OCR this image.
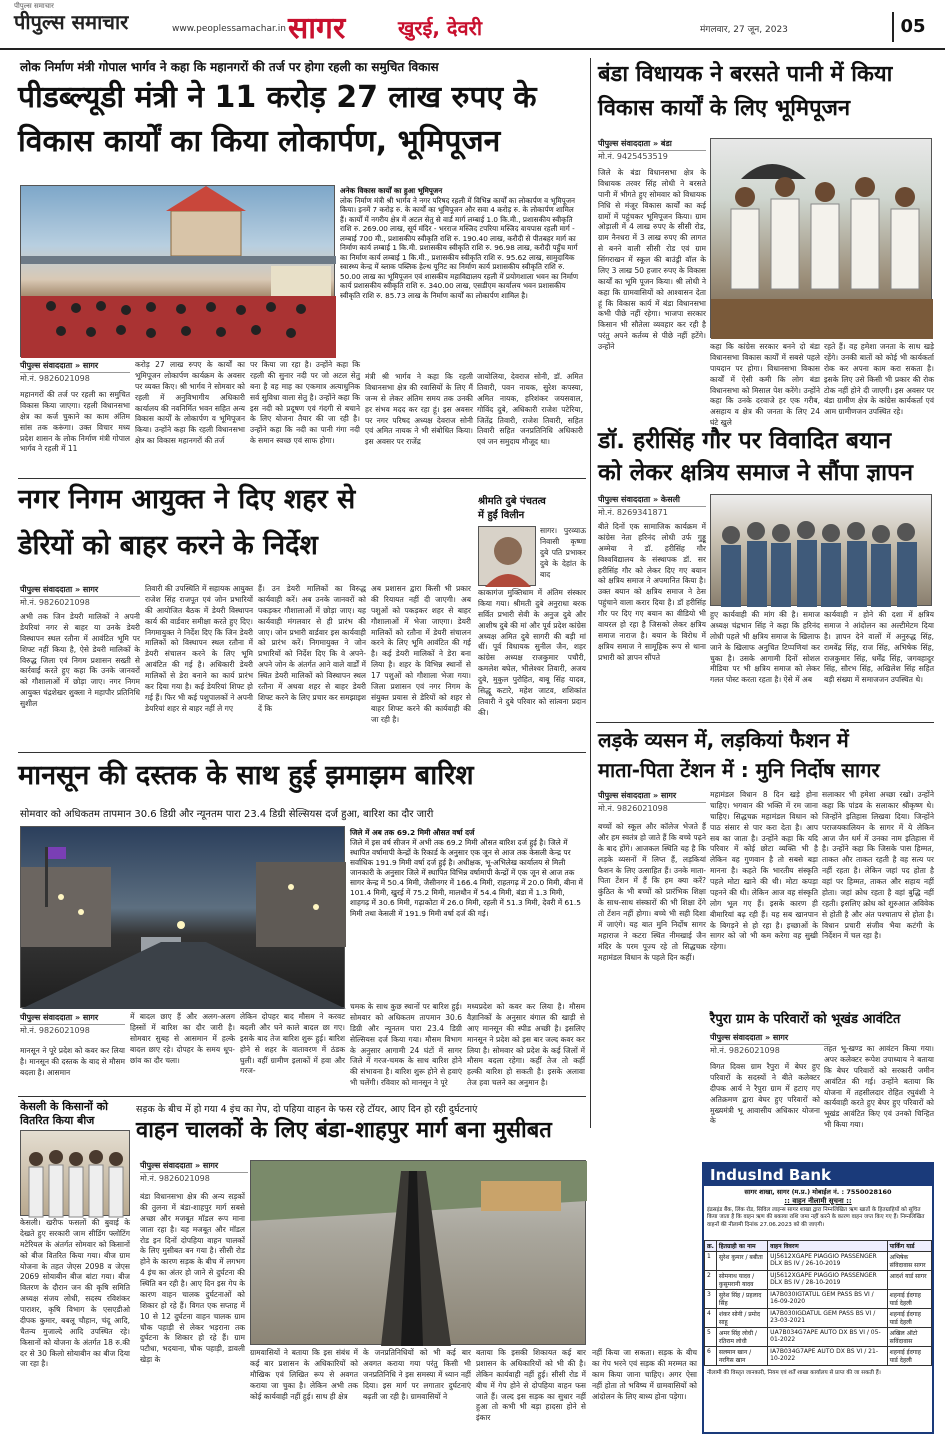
पीपुल्स समाचार
पीपुल्स समाचार	www.peoplessamachar.in सागर	खुरई, देवरी	मंगलवार, 27 जून, 2023	05
लोक निर्माण मंत्री गोपाल भार्गव ने कहा कि महानगरों की तर्ज पर होगा रहली का समुचित विकास
पीडब्ल्यूडी मंत्री ने 11 करोड़ 27 लाख रुपए के
विकास कार्यों का किया लोकार्पण, भूमिपूजन
अनेक विकास कार्यों का हुआ भूमिपूजन
लोक निर्माण मंत्री श्री भार्गव ने नगर परिषद रहली में विभिन्न कार्यों का लोकार्पण व भूमिपूजन किया। इनमें 7 करोड़ रु. के कार्यों का भूमिपूजन और सवा 4 करोड़ रु. के लोकार्पण शामिल हैं। कार्यों में नगरीय क्षेत्र में अटल सेतु से वार्ड मार्ग लम्बाई 1.0 कि.मी., प्रशासकीय स्वीकृति राशि रु. 269.00 लाख, सूर्य मंदिर - भरराज मस्जिद टपरिया मस्जिद वायपास रहली मार्ग - लम्बाई 700 मी., प्रशासकीय स्वीकृति राशि रु. 190.40 लाख, करौदी से पीतबहर मार्ग का निर्माण कार्य लम्बाई 1 कि.मी. प्रशासकीय स्वीकृति राशि रु. 96.98 लाख, करौदी पहुँच मार्ग का निर्माण कार्य लम्बाई 1 कि.मी., प्रशासकीय स्वीकृति राशि रु. 95.62 लाख, सामुदायिक स्वास्थ्य केन्द्र में ब्लाक पब्लिक हेल्थ यूनिट का निर्माण कार्य प्रशासकीय स्वीकृति राशि रु. 50.00 लाख का भूमिपूजन एवं शासकीय महाविद्यालय रहली में प्रयोगशाला भवन का निर्माण कार्य प्रशासकीय स्वीकृति राशि रु. 340.00 लाख, एसडीएम कार्यालय भवन प्रशासकीय स्वीकृति राशि रु. 85.73 लाख के निर्माण कार्यों का लोकार्पण शामिल है।
पीपुल्स संवाददाता » सागर
मो.नं. 9826021098
महानगरों की तर्ज पर रहली का समुचित विकास किया जाएगा। रहली विधानसभा क्षेत्र का कर्ज चुकाने का काम अंतिम सांस तक करूंगा। उक्त विचार मध्य प्रदेश शासन के लोक निर्माण मंत्री गोपाल भार्गव ने रहली में 11
करोड़ 27 लाख रुपए के कार्यों का भूमिपूजन लोकार्पण कार्यक्रम के अवसर पर व्यक्त किए। श्री भार्गव ने सोमवार को रहली में अनुविभागीय अधिकारी कार्यालय की नवनिर्मित भवन सहित अन्य विकास कार्यों के लोकार्पण व भूमिपूजन किया। उन्होंने कहा कि रहली विधानसभा क्षेत्र का विकास महानगरों की तर्ज
पर किया जा रहा है। उन्होंने कहा कि रहली की सुनार नदी पर जो अटल सेतु बना है वह माह का एकमात्र अत्याधुनिक सर्व सुविधा वाला सेतु है। उन्होंने कहा कि इस नदी को प्रदूषण एवं गंदगी से बचाने के लिए योजना तैयार की जा रही है। उन्होंने कहा कि नदी का पानी गंगा नदी के समान स्वच्छ एवं साफ होगा।
मंत्री श्री भार्गव ने कहा कि रहली विधानसभा क्षेत्र की रवासियों के लिए मैं जन्म से लेकर अंतिम समय तक उनकी हर संभव मदद कर रहा हूं। इस अवसर पर नगर परिषद अध्यक्ष देवराज सोनी एवं अमित नायक ने भी संबोधित किया। इस अवसर पर राजेंद्र
जायोलिया, देवराज सोनी, डॉ. अमित तिवारी, पवन नायक, सुरेश कपस्या, अमित नायक, हरिशंकर जयसवाल, गोविंद दुबे, अधिकारी राजेश पटेरिया, जितेंद्र तिवारी, राजेश तिवारी, सहित तिवारी सहित जनप्रतिनिधि अधिकारी एवं जन समुदाय मौजूद था।
बंडा विधायक ने बरसते पानी में किया
विकास कार्यों के लिए भूमिपूजन
पीपुल्स संवाददाता » बंडा
मो.नं. 9425453519
जिले के बंडा विधानसभा क्षेत्र के विधायक तरवर सिंह लोधी ने बरसते पानी में भीगते हुए सोमवार को विधायक निधि से मंजूर विकास कार्यों का कई ग्रामों में पहुंचकर भूमिपूजन किया। ग्राम ओड़ाली में 4 लाख रुपए के सीसी रोड, ग्राम नैनधरा में 3 लाख रुपए की लागत से बनने वाली सीसी रोड एवं ग्राम सिंगराखन में स्कूल की बाउंड्री वॉल के लिए 3 लाख 50 हजार रुपए के विकास कार्यों का भूमि पूजन किया। श्री लोधी ने कहा कि ग्रामवासियों को आश्वासन देता हूं कि विकास कार्य में बंडा विधानसभा कभी पीछे नहीं रहेगा। भाजपा सरकार किसान भी सौतेला व्यवहार कर रही है परंतु अपने कर्तव्य से पीछे नहीं हटेंगे। उन्होंने	कहा कि कांग्रेस सरकार बनने दो बंडा विधानसभा विकास कार्यों में सबसे पहले पायदान पर होगा। विधानसभा विकास कार्यों में ऐसी कमी कि लोग बंडा विधानसभा को मिसाल पेश करेंगे। उन्होंने कहा कि उनके दरवाजे हर एक गरीब, असहाय व क्षेत्र की जनता के लिए 24 घंटे खुले
रहते हैं। वह हमेशा जनता के साथ खड़े रहेंगे। उनकी बातों को कोई भी कार्यकर्ता रोक कर अपना काम करा सकता है। इसके लिए उसे किसी भी प्रकार की रोक टोक नहीं होने दी जाएगी। इस अवसर पर बंडा ग्रामीण क्षेत्र के कांग्रेस कार्यकर्ता एवं आम ग्रामीणजन उपस्थित रहे।
डॉ. हरीसिंह गौर पर विवादित बयान
को लेकर क्षत्रिय समाज ने सौंपा ज्ञापन
पीपुल्स संवाददाता » केसली
मो.नं. 8269341871
बीते दिनों एक सामाजिक कार्यक्रम में कांग्रेस नेता हरिनंद लोधी उर्फ गुड्डू अम्मेया ने डॉ. हरीसिंह गौर विश्वविद्यालय के संस्थापक डॉ. सर हरीसिंह गौर को लेकर दिए गए बयान को क्षत्रिय समाज ने अपमानित किया है। उक्त बयान को क्षत्रिय समाज ने ठेस पहुंचाने वाला करार दिया है। डॉ हरीसिंह गौर पर दिए गए बयान का वीडियो भी वायरल हो रहा है जिसको लेकर क्षत्रिय समाज नाराज है। बयान के विरोध में क्षत्रिय समाज ने सामूहिक रूप से थाना प्रभारी को ज्ञापन सौंपते
हुए कार्यवाही की मांग की है। समाज अध्यक्ष चंद्रभान सिंह ने कहा कि हरिनंद लोधी पहले भी क्षत्रिय समाज के खिलाफ जाने के खिलाफ अनुचित टिप्पणियां कर चुका है। उसके आगामी दिनों सोशल मीडिया पर भी क्षत्रिय समाज को लेकर गलत पोस्ट करता रहता है। ऐसे में अब
कार्यवाही न होने की दशा में क्षत्रिय समाज ने आंदोलन का अल्टीमेटम दिया है। ज्ञापन देने वालों में अनुरुद्ध सिंह, रामवेंद्र सिंह, राज सिंह, अभिषेक सिंह, राजकुमार सिंह, धर्मेंद्र सिंह, जगवहादुर सिंह, सौरभ सिंह, अखिलेश सिंह सहित बड़ी संख्या में समाजजन उपस्थित थे।
नगर निगम आयुक्त ने दिए शहर से
डेरियों को बाहर करने के निर्देश
पीपुल्स संवाददाता » सागर
मो.नं. 9826021098
अभी तक जिन डेयरी मालिकों ने अपनी डेयरियां नगर से बाहर या उनके डेयरी विस्थापन स्थल रतौना में आवंटित भूमि पर शिफ्ट नहीं किया है, ऐसे डेयरी मालिकों के विरुद्ध जिला एवं निगम प्रशासन सख्ती से कार्रवाई करते हुए कहा कि उनके जानवरों को गौशालाओं में छोड़ा जाए। नगर निगम आयुक्त चंद्रशेखर शुक्ला ने महापौर प्रतिनिधि सुशील
तिवारी की उपस्थिति में सहायक आयुक्त राजेश सिंह राजपूत एवं जोन प्रभारियों की आयोजित बैठक में डेयरी विस्थापन कार्य की वार्डवार समीक्षा करते हुए दिए। निगमायुक्त ने निर्देश दिए कि जिन डेयरी मालिकों को विस्थापन स्थल रतौना में डेयरी संचालन करने के लिए भूमि आवंटित की गई है। अधिकारी डेयरी मालिकों से डेरा बनाने का कार्य प्रारंभ कर दिया गया है। कई डेयरियां शिफ्ट हो गई हैं। फिर भी कई पशुपालकों ने अपनी डेयरियां शहर से बाहर नहीं ले गए
हैं। उन डेयरी मालिकों का विरुद्ध कार्यवाही करें। अब उनके जानवरों को पकड़कर गौशालाओं में छोड़ा जाए। यह कार्यवाही मंगलवार से ही प्रारंभ की जाए। जोन प्रभारी वार्डवार इस कार्यवाही को प्रारंभ करें। निगमायुक्त ने जोन प्रभारियों को निर्देश दिए कि वे अपने-अपने जोन के अंतर्गत आने वाले वार्डों में स्थित डेयरी मालिकों को विस्थापन स्थल रतौना में अथवा शहर से बाहर डेयरी शिफ्ट करने के लिए प्रचार कर समझाइश दें कि
अब प्रशासन द्वारा किसी भी प्रकार की रियायत नहीं दी जाएगी। अब पशुओं को पकड़कर शहर से बाहर गौशालाओं में भेजा जाएगा। डेयरी मालिकों को रतौना में डेयरी संचालन करने के लिए भूमि आवंटित की गई है। कई डेयरी मालिकों ने डेरा बना लिया है। शहर के विभिन्न स्थानों से 17 पशुओं को गौशाला भेजा गया। जिला प्रशासन एवं नगर निगम के संयुक्त प्रयास से डेरियों को शहर से बाहर शिफ्ट करने की कार्यवाही की जा रही है।
श्रीमति दुबे पंचतत्व
में हुईं विलीन
सागर। पुरव्याऊ निवासी कृष्णा दुबे पति प्रभाकर दुबे के देहांत के बाद
काकागंज मुक्तिधाम में अंतिम संस्कार किया गया। श्रीमती दुबे अनुराधा बरक सर्वित प्रभारी सेवी के अनुज दुबे और आशीष दुबे की मां और पूर्व प्रदेश कांग्रेस अध्यक्ष अमित दुबे सागरी की बड़ी मां थीं। पूर्व विधायक सुनील जैन, शहर कांग्रेस अध्यक्ष राजकुमार पचौरी, कमलेश बघेल, भीलेश्वर तिवारी, अजय दुबे, मुकुल पुरोहित, बाबू सिंह यादव, सिद्धू कटारे, महेश जाटव, शशिकांत तिवारी ने दुबे परिवार को सांत्वना प्रदान की।
मानसून की दस्तक के साथ हुई झमाझम बारिश
सोमवार को अधिकतम तापमान 30.6 डिग्री और न्यूनतम पारा 23.4 डिग्री सेल्सियस दर्ज हुआ, बारिश का दौर जारी
जिले में अब तक 69.2 मिमी औसत वर्षा दर्ज
जिले में इस वर्ष सीजन में अभी तक 69.2 मिमी औसत बारिश दर्ज हुई है। जिले में स्थापित वर्षामापी केन्द्रों के रिकार्ड के अनुसार एक जून से आज तक केसली केन्द्र पर सर्वाधिक 191.9 मिमी वर्षा दर्ज हुई है। अधीक्षक, भू-अभिलेख कार्यालय से मिली जानकारी के अनुसार जिले में स्थापित विभिन्न वर्षामापी केन्द्रों में एक जून से आज तक सागर केन्द्र में 50.4 मिमी, जैसीनगर में 166.4 मिमी, राहतगढ़ में 20.0 मिमी, बीना में 101.4 मिमी, खुरई में 75.2 मिमी, मालथौन में 54.4 मिमी, बंडा में 1.3 मिमी, शाहगढ़ में 30.6 मिमी, गढ़ाकोटा में 26.0 मिमी, रहली में 51.3 मिमी, देवरी में 61.5 मिमी तथा केसली में 191.9 मिमी वर्षा दर्ज की गई।
पीपुल्स संवाददाता » सागर
मो.नं. 9826021098
मानसून ने पूरे प्रदेश को कवर कर लिया है। मानसून की दस्तक के बाद से मौसम बदला है। आसमान
में बादल छाए हैं और अलग-अलग हिस्सों में बारिश का दौर जारी है। सोमवार सुबह से आसमान में हल्के बादल छाए रहे। दोपहर के समय धूप-छांव का दौर चला।
लेकिन दोपहर बाद मौसम ने करवट बदली और घने काले बादल छा गए। इसके बाद तेज बारिश शुरू हुई। बारिश होने से शहर के वातावरण में ठंडक घुली। वहीं ग्रामीण इलाकों में हवा और गरज-
चमक के साथ कुछ स्थानों पर बारिश हुई। सोमवार को अधिकतम तापमान 30.6 डिग्री और न्यूनतम पारा 23.4 डिग्री सेल्सियस दर्ज किया गया। मौसम विभाग के अनुसार आगामी 24 घंटों में सागर जिले में गरज-चमक के साथ बारिश होने की संभावना है। बारिश शुरू होने से हवाएं भी चलेंगी। रविवार को मानसून ने पूरे
मध्यप्रदेश को कवर कर लिया है। मौसम वैज्ञानिकों के अनुसार बंगाल की खाड़ी से आए मानसून की स्पीड अच्छी है। इसलिए मानसून ने प्रदेश को इस बार जल्द कवर कर लिया है। सोमवार को प्रदेश के कई जिलों में मौसम बदला रहेगा। कहीं तेज तो कहीं हल्की बारिश हो सकती है। इसके अलावा तेज हवा चलने का अनुमान है।
लड़के व्यसन में, लड़कियां फैशन में
माता-पिता टेंशन में : मुनि निर्दोष सागर
पीपुल्स संवाददाता » सागर
मो.नं. 9826021098
बच्चों को स्कूल और कॉलेज भेजते हैं और हम स्वतंत्र हो जाते हैं कि बच्चे पढ़ने के बाद होंगे। आजकल स्थिति यह है कि लड़के व्यसनों में लिप्त हैं, लड़कियां फैशन के लिए उत्साहित हैं। उनके माता-पिता टेंशन में हैं कि हम क्या करें? कुंठित के भी बच्चों को प्रारंभिक शिक्षा के साथ-साथ संस्कारों की भी शिक्षा देंगे तो टेंशन नहीं होगा। बच्चे भी सही दिशा में जाएंगे। यह बात मुनि निर्दोष सागर महाराज ने कटरा स्थित नीमखाई जैन मंदिर के परम पूज्य रहे तो सिद्धचक्र महामंडल विधान के पहले दिन कहीं।
महामंडल विधान 8 दिन खड़े होना चाहिए। भगवान की भक्ति में रम जाना चाहिए। सिद्धचक्र महामंडल विधान को पाठ संसार से पार करा देता है। आप सब का जाता है। उन्होंने कहा कि यदि परिवार में कोई छोटा व्यक्ति भी है लेकिन वह गुणवान है तो सबसे बड़ा मानना है। कहते कि भारतीय संस्कृति पहले मोटा खाने की थी। मोटा कपड़ा पहनने की थी। लेकिन आज वह संस्कृति लोग भूल गए हैं। इसके कारण ही बीमारियां बढ़ रही हैं। यह सब खानपान के बिगड़ने से हो रहा है। इच्छाओं के सागर को जो भी कम करेगा वह सुखी रहेगा।
सलाकार भी हमेशा अच्छा रखो। उन्होंने कहा कि पांडव के सलाकार श्रीकृष्ण थे। जिन्होंने इतिहास लिखवा दिया। जिन्होंने पराजयकालियन के सागर में ये लेकिन आज जैन धर्म में उनका नाम इतिहास में है। उन्होंने कहा कि जिसके पास हिम्मत, ताकत और ताकत रहती है वह सत्य पर नहीं रहता है। लेकिन जहां पद होता है वहां पर हिम्मत, ताकत और सहाय नहीं होता। जहां क्रोध रहता है वहां बुद्धि नहीं रहती। इसलिए क्रोध को शुरुआत अविवेक से होती है और अंत पश्चाताप से होता है। विधान प्रचारी संजीव भैया कटंगी के निर्देशन में चल रहा है।
रैपुरा ग्राम के परिवारों को भूखंड आवंटित
पीपुल्स संवाददाता » सागर
मो.नं. 9826021098
विगत दिवस ग्राम रैपुरा में बेघर हुए परिवारों के सदस्यों ने बीते कलेक्टर दीपक आर्य ने रैपुरा ग्राम में हटाए गए अतिक्रमण द्वारा बेघर हुए परिवारों को मुख्यमंत्री भू आवासीय अधिकार योजना के
तहत भू-खण्ड का आवंटन किया गया। अपर कलेक्टर रूपेश उपाध्याय ने बताया कि बेघर परिवारों को सरकारी जमीन आवंटित की गई। उन्होंने बताया कि योजना में तहसीलदार रोहित रघुवंशी ने कार्यवाही करते हुए बेघर हुए परिवारों को भूखंड आवंटित किए एवं उनको चिन्हित भी किया गया।
केसली के किसानों को
वितरित किया बीज
केसली। खरीफ फसलों की बुवाई के देखते हुए सरकारी जाम सीडिंग फ्लोटिंग मटेरियल के अंतर्गत सोमवार को किसानों को बीज वितरित किया गया। बीज ग्राम योजना के तहत जेएस 2098 व जेएस 2069 सोयाबीन बीज बांटा गया। बीज वितरण के दौरान जन की कृषि समिति अध्यक्ष संजय लोधी, सदस्य रविशंकर पाराशर, कृषि विभाग के एसएडीओ दीपक कुमार, बबलू चौहान, चंदू आदि, चैतन्य मुजाल्दे आदि उपस्थित रहे। किसानों को योजना के अंतर्गत 18 रु.की दर से 30 किलो सोयाबीन का बीज दिया जा रहा है।
सड़क के बीच में हो गया 4 इंच का गेप, दो पहिया वाहन के फस रहे टॉयर, आए दिन हो रही दुर्घटनाएं
वाहन चालकों के लिए बंडा-शाहपुर मार्ग बना मुसीबत
पीपुल्स संवाददाता » सागर
मो.नं. 9826021098
बंडा विधानसभा क्षेत्र की अन्य सड़कों की तुलना में बंडा-शाहपुर मार्ग सबसे अच्छा और मजबूत मॉडल रूप माना जाता रहा है। यह मजबूत और मॉडल रोड इन दिनों दोपहिया वाहन चालकों के लिए मुसीबत बन गया है। सीसी रोड होने के कारण सड़क के बीच में लगभग 4 इंच का अंतर हो जाने से दुर्घटना की स्थिति बन रही है। आए दिन इस गेप के कारण वाहन चालक दुर्घटनाओं को शिकार हो रहे हैं। विगत एक सप्ताह में 10 से 12 दुर्घटना वाहन चालक ग्राम चौक पहाड़ी से लेकर भड़राना तक दुर्घटना के शिकार हो रहे हैं। ग्राम पटौधा, भदयाना, चौक पहाड़ी, डावली खेड़ा के
ग्रामवासियों ने बताया कि इस संबंध में कई बार प्रशासन के अधिकारियों को मौखिक एवं लिखित रूप से अवगत कराया जा चुका है। लेकिन अभी तक कोई कार्यवाही नहीं हुई। साथ ही क्षेत्र
के जनप्रतिनिधियों को भी कई बार अवगत कराया गया परंतु किसी भी जनप्रतिनिधि ने इस समस्या में ध्यान नहीं दिया। इस मार्ग पर लगातार दुर्घटनाएं बढ़ती जा रही है। ग्रामवासियों ने
बताया कि इसकी शिकायत कई बार प्रशासन के अधिकारियों को भी की है। लेकिन कार्यवाही नहीं हुई। सीसी रोड में बीच में गेप होने से दोपहिया वाहन फस जाते हैं। जल्द इस सड़क का सुधार नहीं हुआ तो कभी भी बड़ा हादसा होने से इंकार
नहीं किया जा सकता। सड़क के बीच का गेप भरने एवं सड़क की मरम्मत का काम किया जाना चाहिए। अगर ऐसा नहीं होता तो भविष्य में ग्रामवासियों को आंदोलन के लिए बाध्य होना पड़ेगा।
IndusInd Bank
सागर शाखा, सागर (म.प्र.) मोबाईल नं. : 7550028160
:: वाहन नीलामी सूचना ::
इंडसइंड बैंक, लिंक रोड, सिविल लाइन्स सागर शाखा द्वारा निम्नलिखित ऋण खातों के हितग्राहियों को सूचित किया जाता है कि वाहन ऋण की बकाया राशि जमा नहीं करने के कारण वाहन जप्त किए गए हैं। निम्नलिखित वाहनों की नीलामी दिनांक 27.06.2023 को की जाएगी।
क्र.	हितग्राही का नाम	वाहन विवरण	पार्किंग यार्ड
1	सुरेश कुमार / बबीता	UJ5612XGAPE PIAGGIO PASSENGER DLX BS IV / 26-10-2019	अभिषेक संविदावास सागर
2	सोमनाथ यादव / कुसुमरानी यादव	UJ5612XGAPE PIAGGIO PASSENGER DLX BS IV / 28-10-2019	आदर्श यार्ड सागर
3	सुरेश सिंह / प्रहलाद सिंह	IA7B030IGTATUL GEM PASS BS VI / 16-09-2020	शहनाई ईदगाह यार्ड देहली
4	शंकर सोनी / प्रमोद साहू	IA7B030IGDATUL GEM PASS BS VI / 23-03-2021	शहनाई ईदगाह यार्ड देहली
5	अमर सिंह लोधी / रतिराम लोधी	UA7B034G7APE AUTO DX BS VI / 05-01-2022	अखिल ऑटो सविंदावास
6	सलमान खान / नरगिस खान	IA7B034G7APE AUTO DX BS VI / 21-10-2022	शहनाई ईदगाह यार्ड देहली
नीलामी की विस्तृत जानकारी, नियम एवं शर्तें शाखा कार्यालय से प्राप्त की जा सकती हैं।
